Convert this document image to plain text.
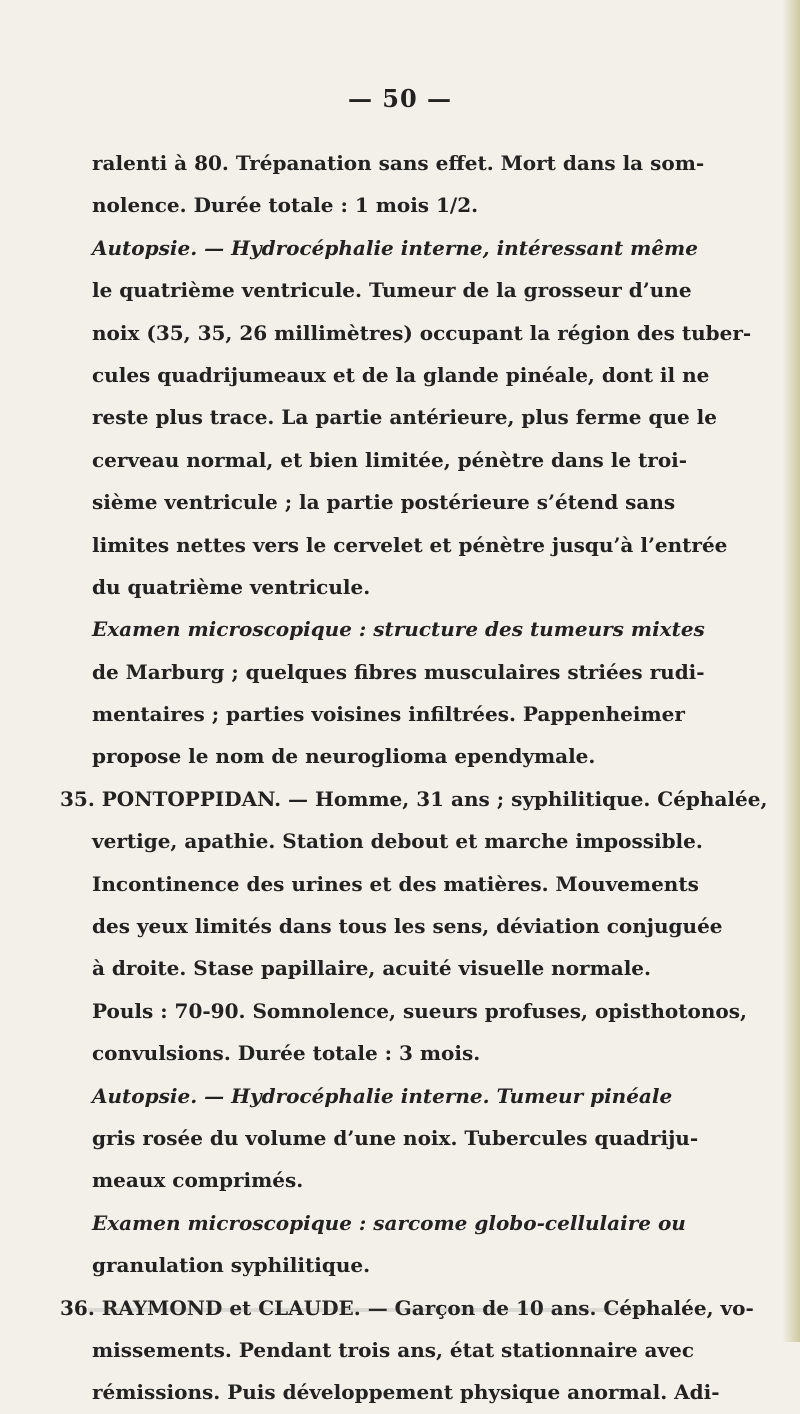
— 50 —
ralenti à 80. Trépanation sans effet. Mort dans la som-
nolence. Durée totale : 1 mois 1/2.
Autopsie. — Hydrocéphalie interne, intéressant même
le quatrième ventricule. Tumeur de la grosseur d’une
noix (35, 35, 26 millimètres) occupant la région des tuber-
cules quadrijumeaux et de la glande pinéale, dont il ne
reste plus trace. La partie antérieure, plus ferme que le
cerveau normal, et bien limitée, pénètre dans le troi-
sième ventricule ; la partie postérieure s’étend sans
limites nettes vers le cervelet et pénètre jusqu’à l’entrée
du quatrième ventricule.
Examen microscopique : structure des tumeurs mixtes
de Marburg ; quelques fibres musculaires striées rudi-
mentaires ; parties voisines infiltrées. Pappenheimer
propose le nom de neuroglioma ependymale.
35. PONTOPPIDAN. — Homme, 31 ans ; syphilitique. Céphalée,
vertige, apathie. Station debout et marche impossible.
Incontinence des urines et des matières. Mouvements
des yeux limités dans tous les sens, déviation conjuguée
à droite. Stase papillaire, acuité visuelle normale.
Pouls : 70-90. Somnolence, sueurs profuses, opisthotonos,
convulsions. Durée totale : 3 mois.
Autopsie. — Hydrocéphalie interne. Tumeur pinéale
gris rosée du volume d’une noix. Tubercules quadriju-
meaux comprimés.
Examen microscopique : sarcome globo-cellulaire ou
granulation syphilitique.
36. RAYMOND et CLAUDE. — Garçon de 10 ans. Céphalée, vo-
missements. Pendant trois ans, état stationnaire avec
rémissions. Puis développement physique anormal. Adi-
